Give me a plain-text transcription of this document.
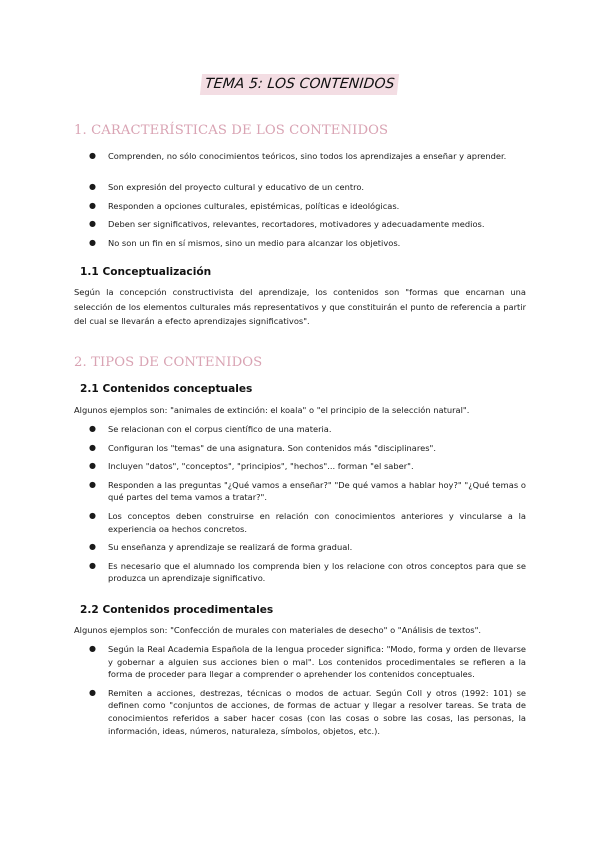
TEMA 5: LOS CONTENIDOS
1. CARACTERÍSTICAS DE LOS CONTENIDOS
● Comprenden, no sólo conocimientos teóricos, sino todos los aprendizajes a enseñar y aprender.
● Son expresión del proyecto cultural y educativo de un centro.
● Responden a opciones culturales, epistémicas, políticas e ideológicas.
● Deben ser significativos, relevantes, recortadores, motivadores y adecuadamente medios.
● No son un fin en sí mismos, sino un medio para alcanzar los objetivos.
1.1 Conceptualización
Según la concepción constructivista del aprendizaje, los contenidos son "formas que encarnan una selección de los elementos culturales más representativos y que constituirán el punto de referencia a partir del cual se llevarán a efecto aprendizajes significativos".
2. TIPOS DE CONTENIDOS
2.1 Contenidos conceptuales
Algunos ejemplos son: "animales de extinción: el koala" o "el principio de la selección natural".
● Se relacionan con el corpus científico de una materia.
● Configuran los "temas" de una asignatura. Son contenidos más "disciplinares".
● Incluyen "datos", "conceptos", "principios", "hechos"... forman "el saber".
● Responden a las preguntas "¿Qué vamos a enseñar?" "De qué vamos a hablar hoy?" "¿Qué temas o qué partes del tema vamos a tratar?".
● Los conceptos deben construirse en relación con conocimientos anteriores y vincularse a la experiencia oa hechos concretos.
● Su enseñanza y aprendizaje se realizará de forma gradual.
● Es necesario que el alumnado los comprenda bien y los relacione con otros conceptos para que se produzca un aprendizaje significativo.
2.2 Contenidos procedimentales
Algunos ejemplos son: "Confección de murales con materiales de desecho" o "Análisis de textos".
● Según la Real Academia Española de la lengua proceder significa: "Modo, forma y orden de llevarse y gobernar a alguien sus acciones bien o mal". Los contenidos procedimentales se refieren a la forma de proceder para llegar a comprender o aprehender los contenidos conceptuales.
● Remiten a acciones, destrezas, técnicas o modos de actuar. Según Coll y otros (1992: 101) se definen como "conjuntos de acciones, de formas de actuar y llegar a resolver tareas. Se trata de conocimientos referidos a saber hacer cosas (con las cosas o sobre las cosas, las personas, la información, ideas, números, naturaleza, símbolos, objetos, etc.).
